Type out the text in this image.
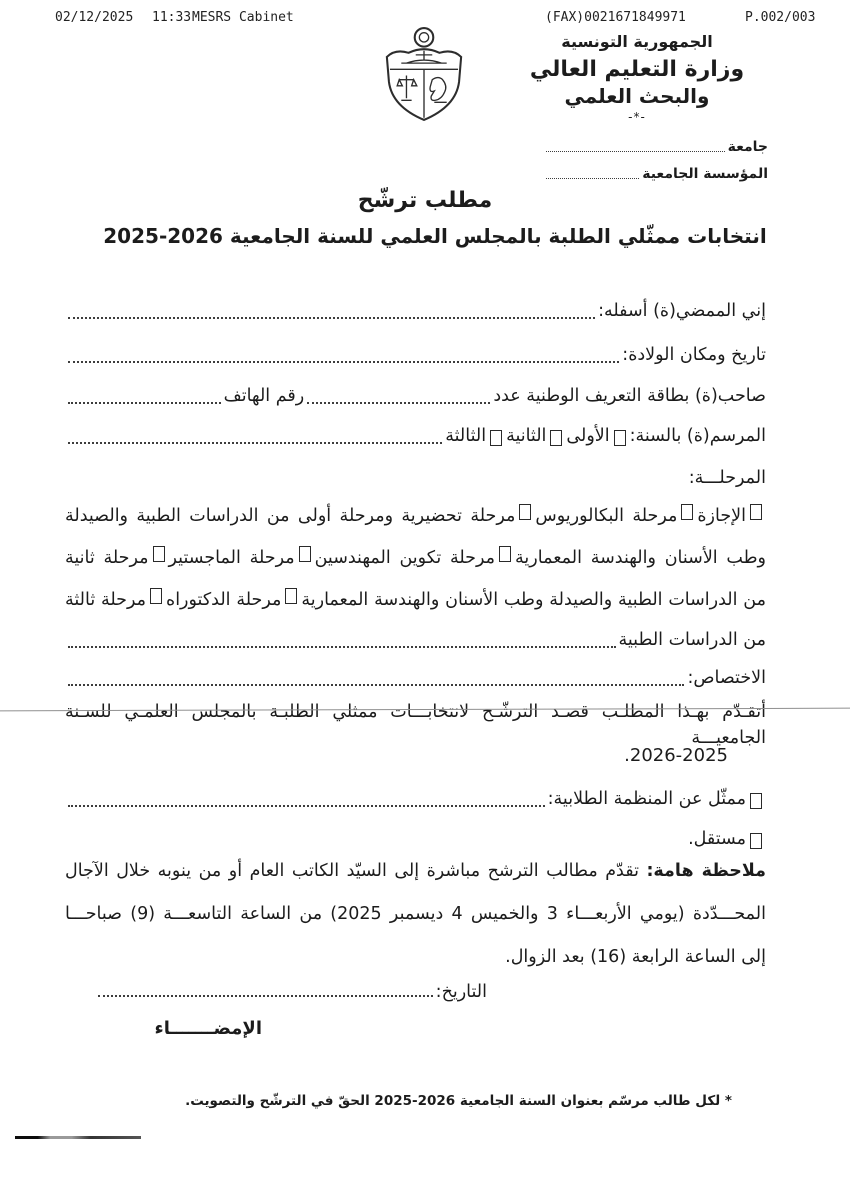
02/12/2025 11:33 MESRS Cabinet	(FAX)0021671849971	P.002/003
الجمهورية التونسية
وزارة التعليم العالي
والبحث العلمي
-*-
جامعة
المؤسسة الجامعية
مطلب ترشّح
انتخابات ممثّلي الطلبة بالمجلس العلمي للسنة الجامعية 2026-2025
إني الممضي(ة) أسفله:
تاريخ ومكان الولادة:
صاحب(ة) بطاقة التعريف الوطنية عدد
رقم الهاتف
المرسم(ة) بالسنة:
الأولى
الثانية
الثالثة
المرحلـــة:
الإجازةمرحلة البكالوريوسمرحلة تحضيرية ومرحلة أولى من الدراسات الطبية والصيدلة
وطب الأسنان والهندسة المعماريةمرحلة تكوين المهندسينمرحلة الماجستيرمرحلة ثانية
من الدراسات الطبية والصيدلة وطب الأسنان والهندسة المعماريةمرحلة الدكتوراهمرحلة ثالثة
من الدراسات الطبية
الاختصاص:
أتقـدّم بهـذا المطلـب قصـد الترشّـح لانتخابـــات ممثلي الطلبـة بالمجلس العلمـي للسـنة الجامعيـــة
2026-2025.
ممثّل عن المنظمة الطلابية:
مستقل.
ملاحظة هامة: تقدّم مطالب الترشح مباشرة إلى السيّد الكاتب العام أو من ينوبه خلال الآجال
المحـــدّدة (يومي الأربعـــاء 3 والخميس 4 ديسمبر 2025) من الساعة التاسعـــة (9) صباحـــا
إلى الساعة الرابعة (16) بعد الزوال.
التاريخ:
الإمضـــــــاء
* لكل طالب مرسّم بعنوان السنة الجامعية 2026-2025 الحقّ في الترشّح والتصويت.
